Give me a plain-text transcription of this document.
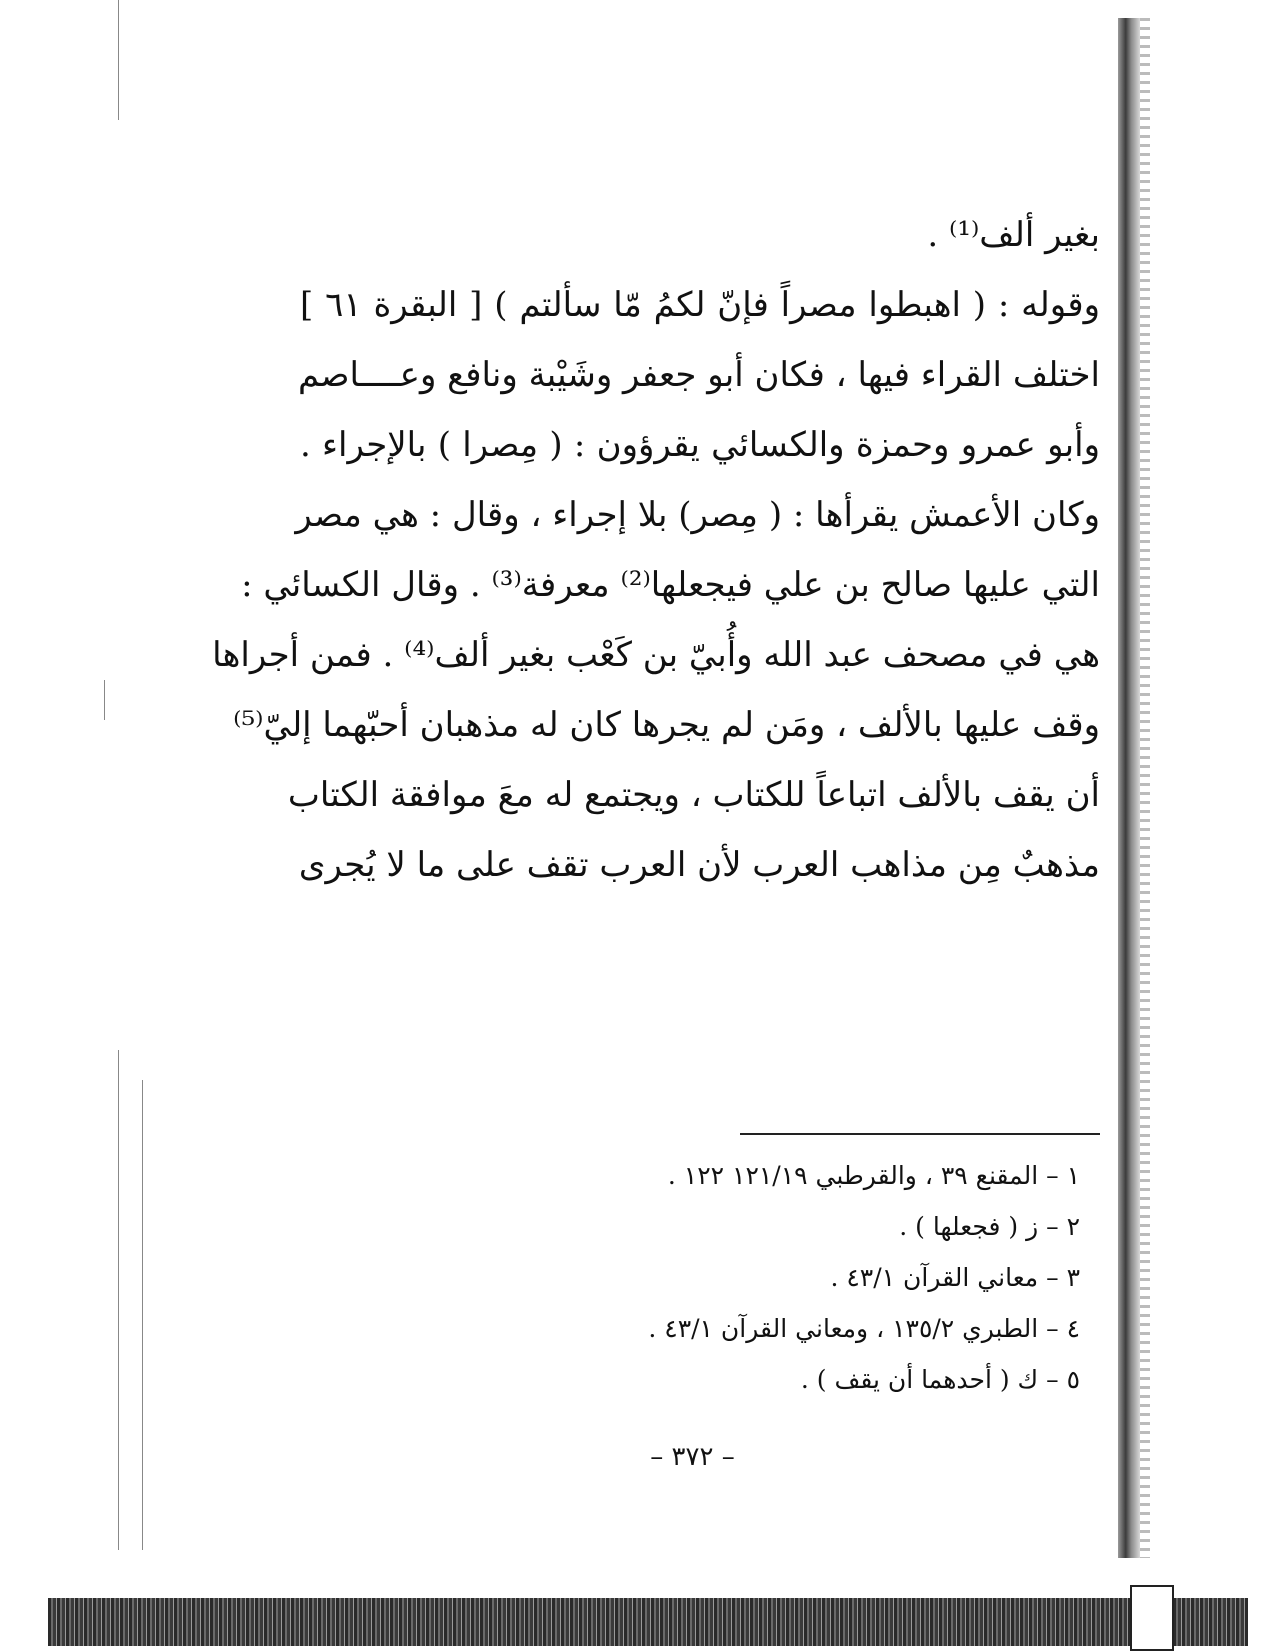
بغير ألف⁽¹⁾ .
وقوله : ( اهبطوا مصراً فإنّ لكمُ مّا سألتم ) [ البقرة ٦١ ]
اختلف القراء فيها ، فكان أبو جعفر وشَيْبة ونافع وعــــاصم
وأبو عمرو وحمزة والكسائي يقرؤون : ( مِصرا ) بالإجراء .
وكان الأعمش يقرأها : ( مِصر) بلا إجراء ، وقال : هي مصر
التي عليها صالح بن علي فيجعلها⁽²⁾ معرفة⁽³⁾ . وقال الكسائي :
هي في مصحف عبد الله وأُبيّ بن كَعْب بغير ألف⁽⁴⁾ . فمن أجراها
وقف عليها بالألف ، ومَن لم يجرها كان له مذهبان أحبّهما إليّ⁽⁵⁾
أن يقف بالألف اتباعاً للكتاب ، ويجتمع له معَ موافقة الكتاب
مذهبٌ مِن مذاهب العرب لأن العرب تقف على ما لا يُجرى
١ – المقنع ٣٩ ، والقرطبي ١٢١/١٩ ١٢٢ .
٢ – ز ( فجعلها ) .
٣ – معاني القرآن ٤٣/١ .
٤ – الطبري ١٣٥/٢ ، ومعاني القرآن ٤٣/١ .
٥ – ك ( أحدهما أن يقف ) .
– ٣٧٢ –
